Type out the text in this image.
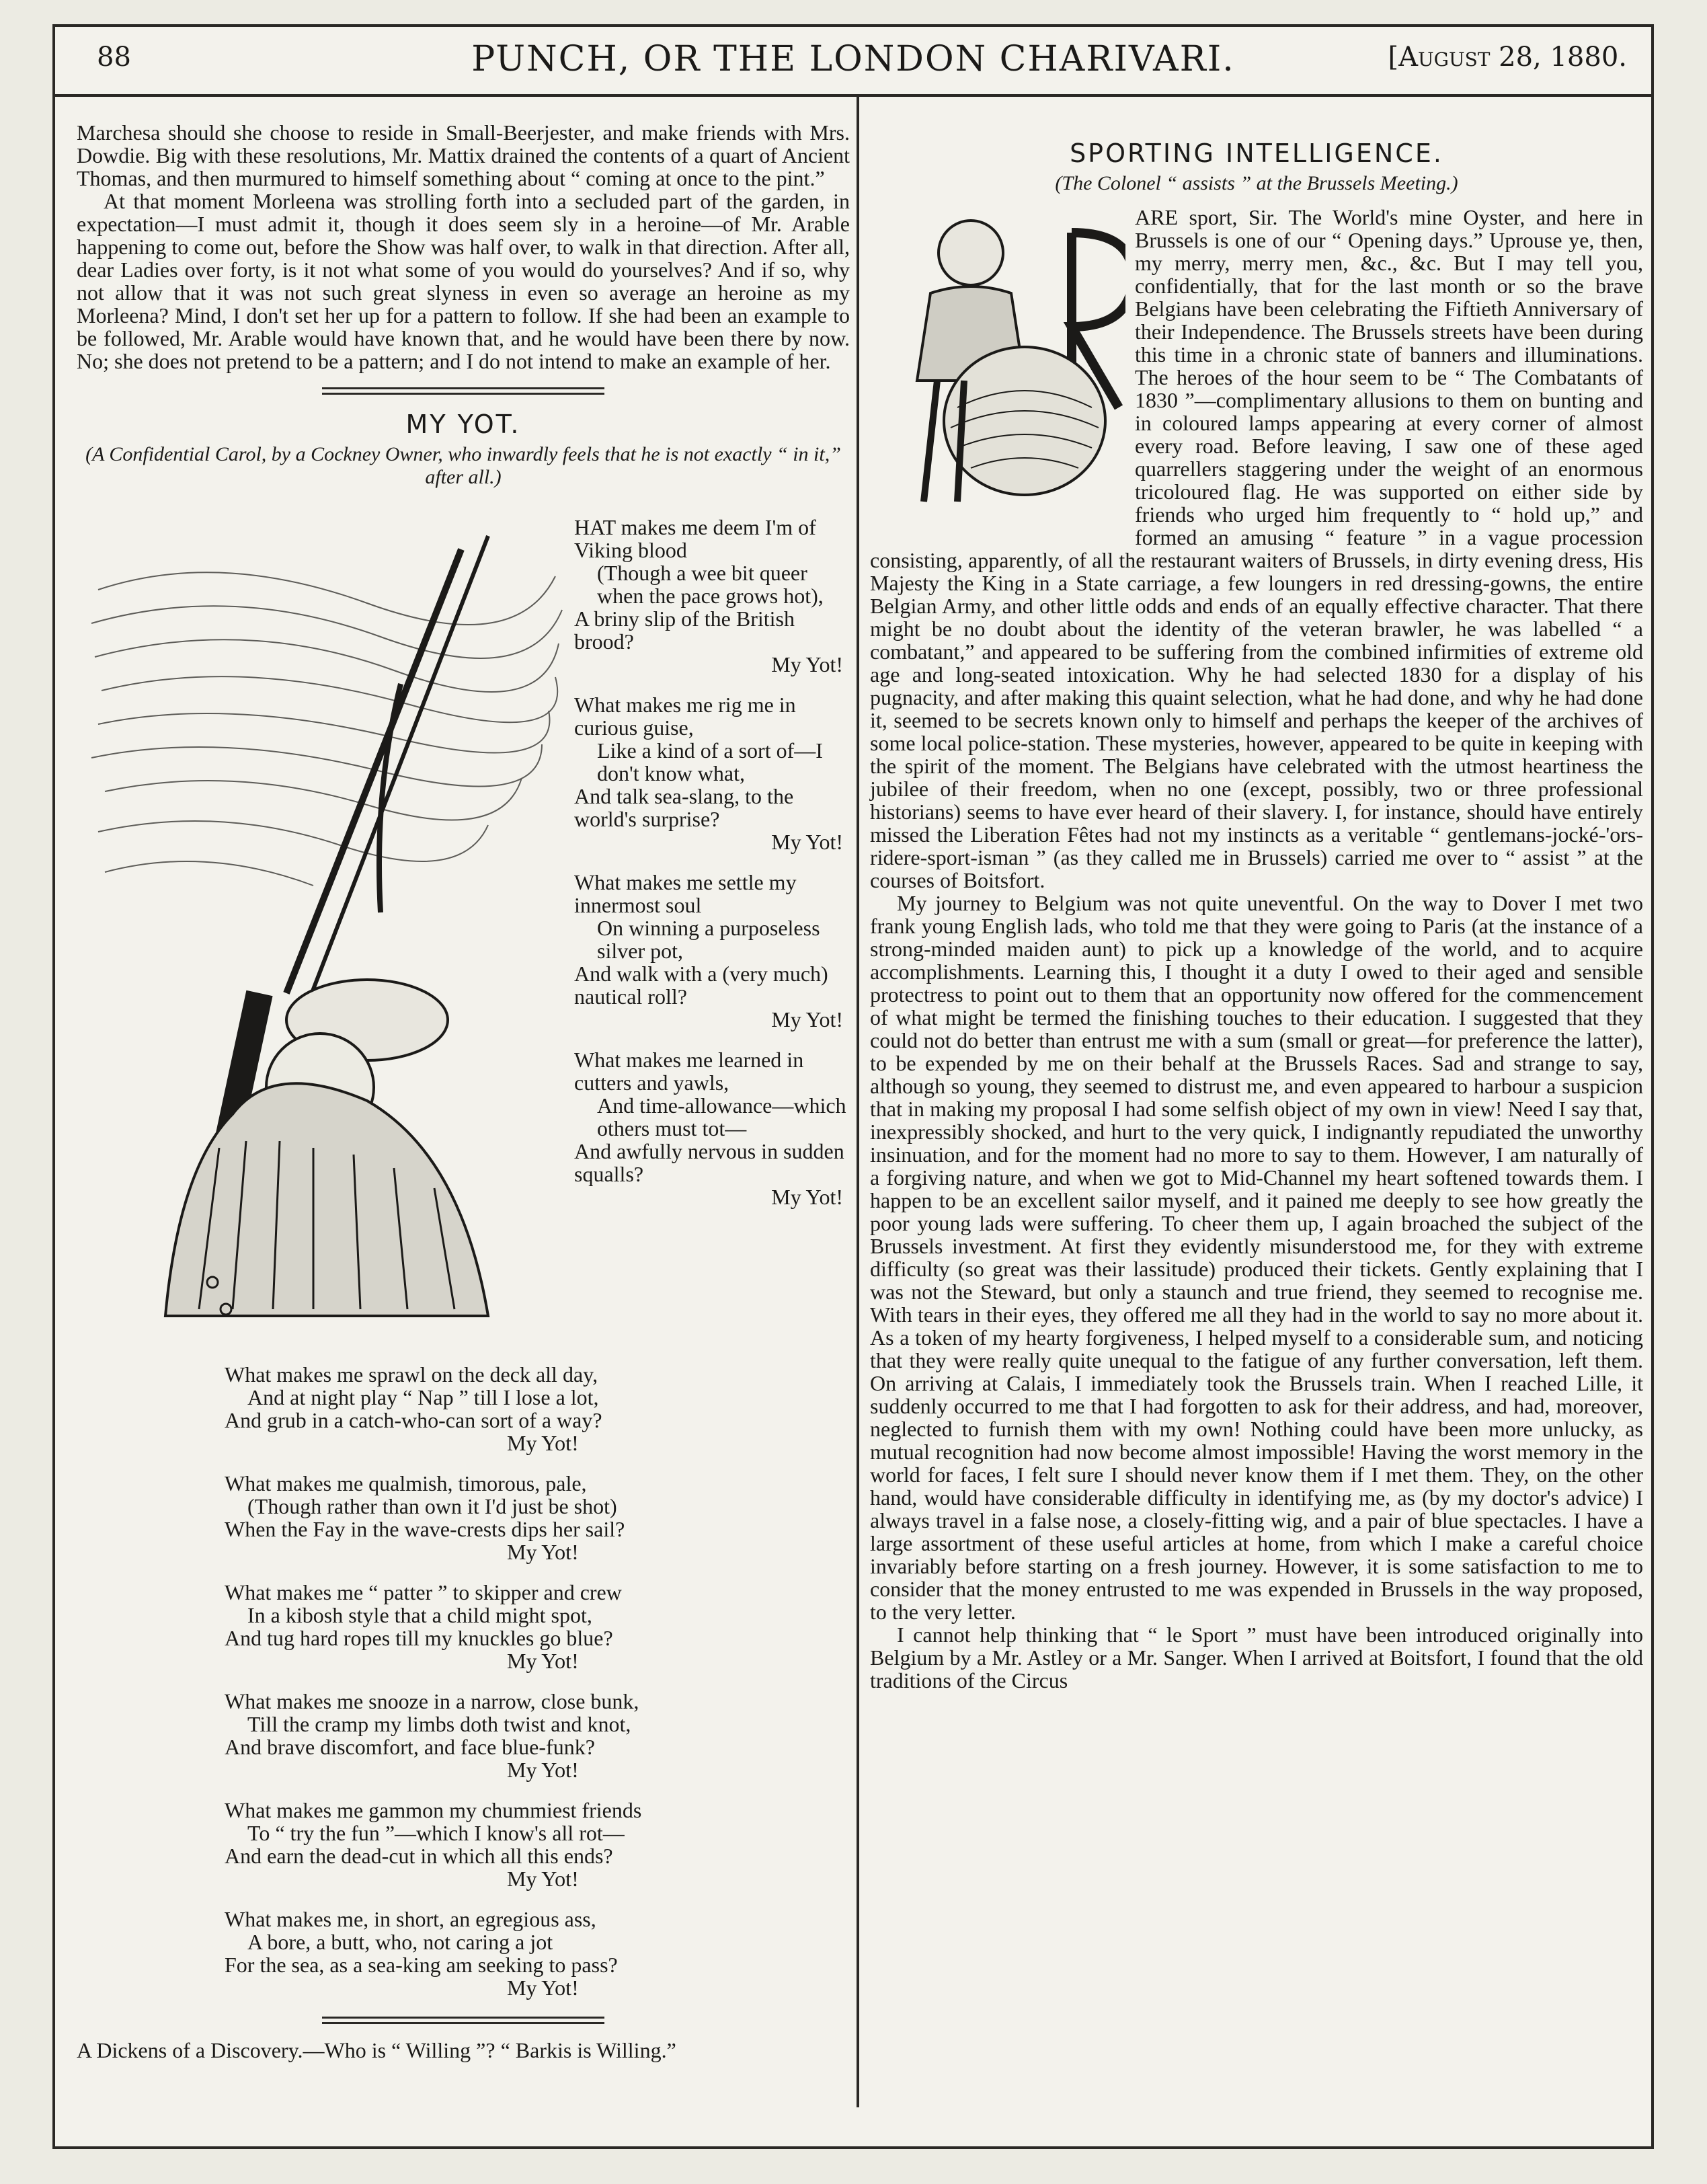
88	PUNCH, OR THE LONDON CHARIVARI.	[August 28, 1880.

Marchesa should she choose to reside in Small-Beerjester, and make friends with Mrs. Dowdie. Big with these resolutions, Mr. Mattix drained the contents of a quart of Ancient Thomas, and then murmured to himself something about “ coming at once to the pint.”

At that moment Morleena was strolling forth into a secluded part of the garden, in expectation—I must admit it, though it does seem sly in a heroine—of Mr. Arable happening to come out, before the Show was half over, to walk in that direction. After all, dear Ladies over forty, is it not what some of you would do yourselves? And if so, why not allow that it was not such great slyness in even so average an heroine as my Morleena? Mind, I don't set her up for a pattern to follow. If she had been an example to be followed, Mr. Arable would have known that, and he would have been there by now. No; she does not pretend to be a pattern; and I do not intend to make an example of her.

MY YOT.
(A Confidential Carol, by a Cockney Owner, who inwardly feels that he is not exactly “ in it,” after all.)
HAT makes me deem I'm of Viking blood
(Though a wee bit queer when the pace grows hot),
A briny slip of the British brood?
My Yot!
What makes me rig me in curious guise,
Like a kind of a sort of—I don't know what,
And talk sea-slang, to the world's surprise?
My Yot!
What makes me settle my innermost soul
On winning a purposeless silver pot,
And walk with a (very much) nautical roll?
My Yot!
What makes me learned in cutters and yawls,
And time-allowance—which others must tot—
And awfully nervous in sudden squalls?
My Yot!
What makes me sprawl on the deck all day,
And at night play “ Nap ” till I lose a lot,
And grub in a catch-who-can sort of a way?
My Yot!
What makes me qualmish, timorous, pale,
(Though rather than own it I'd just be shot)
When the Fay in the wave-crests dips her sail?
My Yot!
What makes me “ patter ” to skipper and crew
In a kibosh style that a child might spot,
And tug hard ropes till my knuckles go blue?
My Yot!
What makes me snooze in a narrow, close bunk,
Till the cramp my limbs doth twist and knot,
And brave discomfort, and face blue-funk?
My Yot!
What makes me gammon my chummiest friends
To “ try the fun ”—which I know's all rot—
And earn the dead-cut in which all this ends?
My Yot!
What makes me, in short, an egregious ass,
A bore, a butt, who, not caring a jot
For the sea, as a sea-king am seeking to pass?
My Yot!
A Dickens of a Discovery.—Who is “ Willing ”? “ Barkis is Willing.”
SPORTING INTELLIGENCE.
(The Colonel “ assists ” at the Brussels Meeting.)

ARE sport, Sir. The World's mine Oyster, and here in Brussels is one of our “ Opening days.” Uprouse ye, then, my merry, merry men, &c., &c. But I may tell you, confidentially, that for the last month or so the brave Belgians have been celebrating the Fiftieth Anniversary of their Independence. The Brussels streets have been during this time in a chronic state of banners and illuminations. The heroes of the hour seem to be “ The Combatants of 1830 ”—complimentary allusions to them on bunting and in coloured lamps appearing at every corner of almost every road. Before leaving, I saw one of these aged quarrellers staggering under the weight of an enormous tricoloured flag. He was supported on either side by friends who urged him frequently to “ hold up,” and formed an amusing “ feature ” in a vague procession consisting, apparently, of all the restaurant waiters of Brussels, in dirty evening dress, His Majesty the King in a State carriage, a few loungers in red dressing-gowns, the entire Belgian Army, and other little odds and ends of an equally effective character. That there might be no doubt about the identity of the veteran brawler, he was labelled “ a combatant,” and appeared to be suffering from the combined infirmities of extreme old age and long-seated intoxication. Why he had selected 1830 for a display of his pugnacity, and after making this quaint selection, what he had done, and why he had done it, seemed to be secrets known only to himself and perhaps the keeper of the archives of some local police-station. These mysteries, however, appeared to be quite in keeping with the spirit of the moment. The Belgians have celebrated with the utmost heartiness the jubilee of their freedom, when no one (except, possibly, two or three professional historians) seems to have ever heard of their slavery. I, for instance, should have entirely missed the Liberation Fêtes had not my instincts as a veritable “ gentlemans-jocké-'ors-ridere-sport-isman ” (as they called me in Brussels) carried me over to “ assist ” at the courses of Boitsfort.

My journey to Belgium was not quite uneventful. On the way to Dover I met two frank young English lads, who told me that they were going to Paris (at the instance of a strong-minded maiden aunt) to pick up a knowledge of the world, and to acquire accomplishments. Learning this, I thought it a duty I owed to their aged and sensible protectress to point out to them that an opportunity now offered for the commencement of what might be termed the finishing touches to their education. I suggested that they could not do better than entrust me with a sum (small or great—for preference the latter), to be expended by me on their behalf at the Brussels Races. Sad and strange to say, although so young, they seemed to distrust me, and even appeared to harbour a suspicion that in making my proposal I had some selfish object of my own in view! Need I say that, inexpressibly shocked, and hurt to the very quick, I indignantly repudiated the unworthy insinuation, and for the moment had no more to say to them. However, I am naturally of a forgiving nature, and when we got to Mid-Channel my heart softened towards them. I happen to be an excellent sailor myself, and it pained me deeply to see how greatly the poor young lads were suffering. To cheer them up, I again broached the subject of the Brussels investment. At first they evidently misunderstood me, for they with extreme difficulty (so great was their lassitude) produced their tickets. Gently explaining that I was not the Steward, but only a staunch and true friend, they seemed to recognise me. With tears in their eyes, they offered me all they had in the world to say no more about it. As a token of my hearty forgiveness, I helped myself to a considerable sum, and noticing that they were really quite unequal to the fatigue of any further conversation, left them. On arriving at Calais, I immediately took the Brussels train. When I reached Lille, it suddenly occurred to me that I had forgotten to ask for their address, and had, moreover, neglected to furnish them with my own! Nothing could have been more unlucky, as mutual recognition had now become almost impossible! Having the worst memory in the world for faces, I felt sure I should never know them if I met them. They, on the other hand, would have considerable difficulty in identifying me, as (by my doctor's advice) I always travel in a false nose, a closely-fitting wig, and a pair of blue spectacles. I have a large assortment of these useful articles at home, from which I make a careful choice invariably before starting on a fresh journey. However, it is some satisfaction to me to consider that the money entrusted to me was expended in Brussels in the way proposed, to the very letter.

I cannot help thinking that “ le Sport ” must have been introduced originally into Belgium by a Mr. Astley or a Mr. Sanger. When I arrived at Boitsfort, I found that the old traditions of the Circus
